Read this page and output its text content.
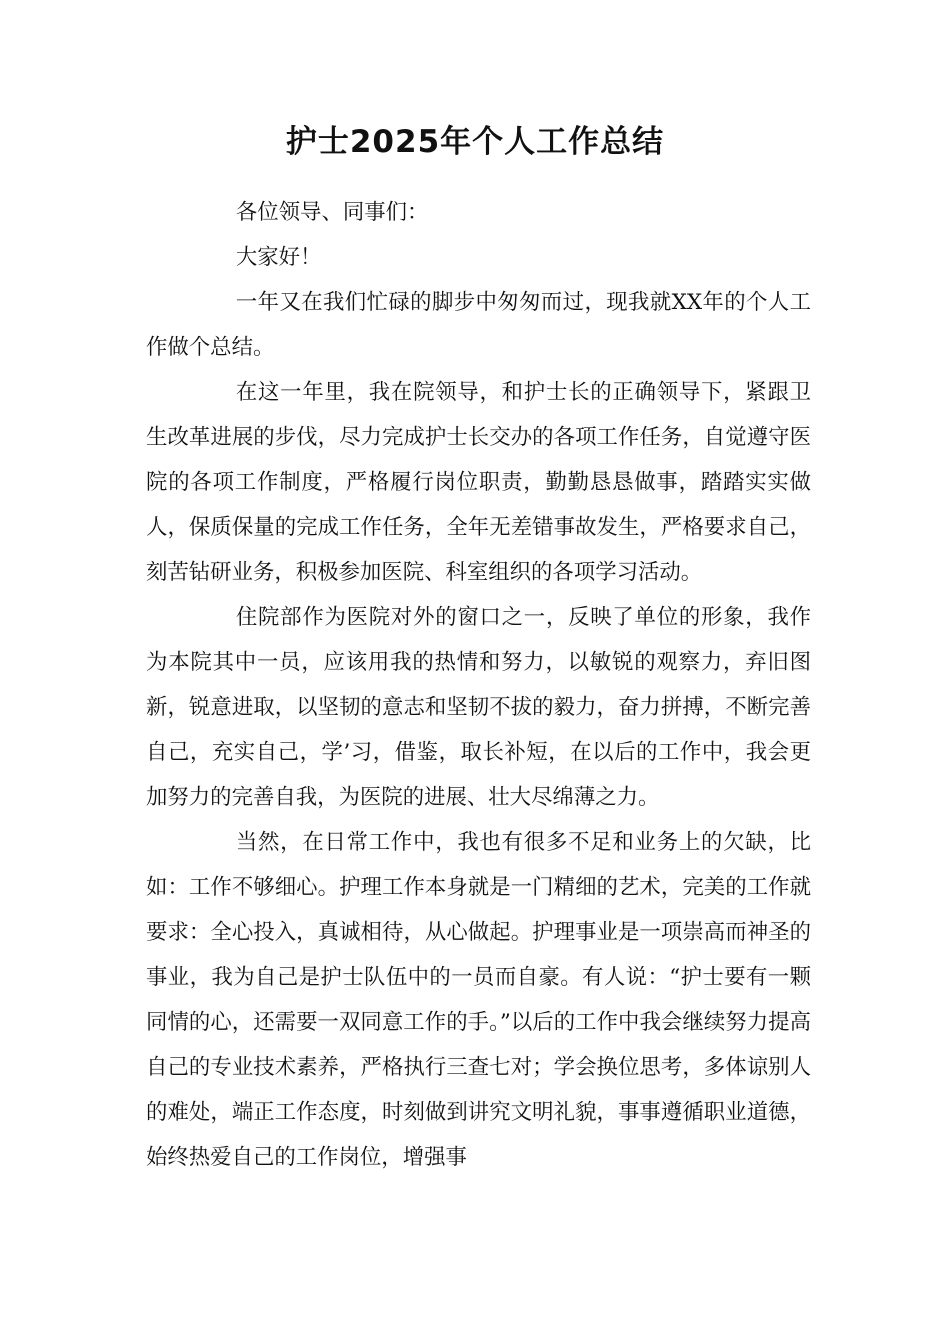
护士2025年个人工作总结

各位领导、同事们：

大家好！

一年又在我们忙碌的脚步中匆匆而过，现我就XX年的个人工作做个总结。

在这一年里，我在院领导，和护士长的正确领导下，紧跟卫生改革进展的步伐，尽力完成护士长交办的各项工作任务，自觉遵守医院的各项工作制度，严格履行岗位职责，勤勤恳恳做事，踏踏实实做人，保质保量的完成工作任务，全年无差错事故发生，严格要求自己，刻苦钻研业务，积极参加医院、科室组织的各项学习活动。

住院部作为医院对外的窗口之一，反映了单位的形象，我作为本院其中一员，应该用我的热情和努力，以敏锐的观察力，弃旧图新，锐意进取，以坚韧的意志和坚韧不拔的毅力，奋力拼搏，不断完善自己，充实自己，学’习，借鉴，取长补短，在以后的工作中，我会更加努力的完善自我，为医院的进展、壮大尽绵薄之力。

当然，在日常工作中，我也有很多不足和业务上的欠缺，比如：工作不够细心。护理工作本身就是一门精细的艺术，完美的工作就要求：全心投入，真诚相待，从心做起。护理事业是一项崇高而神圣的事业，我为自己是护士队伍中的一员而自豪。有人说：“护士要有一颗同情的心，还需要一双同意工作的手。”以后的工作中我会继续努力提高自己的专业技术素养，严格执行三查七对；学会换位思考，多体谅别人的难处，端正工作态度，时刻做到讲究文明礼貌，事事遵循职业道德，始终热爱自己的工作岗位，增强事
